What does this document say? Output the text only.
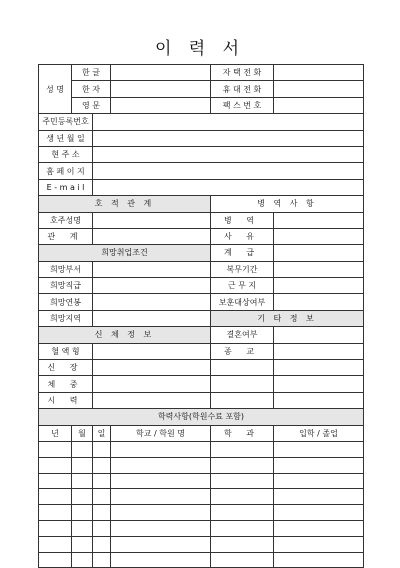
이 력 서
성 명	한 글			자 택 전 화	
	한 자			휴 대 전 화	
	영 문			팩 스 번 호	
주민등록번호					
생 년 월 일					
현 주 소					
홈 페 이 지					
E - m a i l					
호 적 관 계				병 역 사 항	
호주성명				병 역	
관 계				사 유	
희망취업조건				계 급	
희망부서				복무기간	
희망직급				근 무 지	
희망연봉				보훈대상여부	
희망지역				기 타 정 보	
신 체 정 보				결혼여부	
혈 액 형				종 교	
신 장					
체 중					
시 력					
학력사항(학원수료 포함)					
년	월	일	학교 / 학원 명	학 과	입학 / 졸업
